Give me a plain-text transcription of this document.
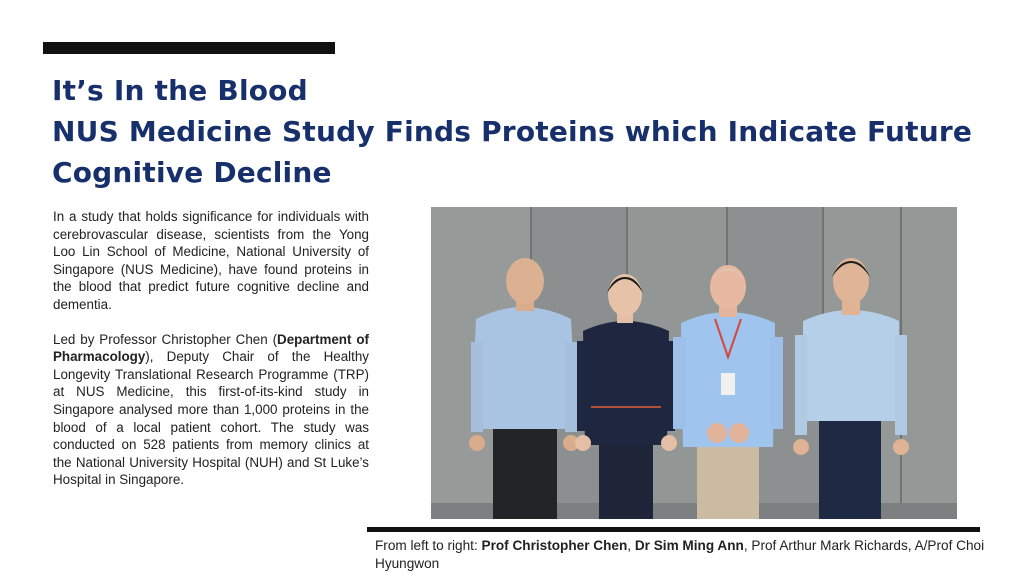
It’s In the Blood
NUS Medicine Study Finds Proteins which Indicate Future
Cognitive Decline

In a study that holds significance for individuals with cerebrovascular disease, scientists from the Yong Loo Lin School of Medicine, National University of Singapore (NUS Medicine), have found proteins in the blood that predict future cognitive decline and dementia.

Led by Professor Christopher Chen (Department of Pharmacology), Deputy Chair of the Healthy Longevity Translational Research Programme (TRP) at NUS Medicine, this first-of-its-kind study in Singapore analysed more than 1,000 proteins in the blood of a local patient cohort. The study was conducted on 528 patients from memory clinics at the National University Hospital (NUH) and St Luke’s Hospital in Singapore.

From left to right: Prof Christopher Chen, Dr Sim Ming Ann, Prof Arthur Mark Richards, A/Prof Choi Hyungwon
